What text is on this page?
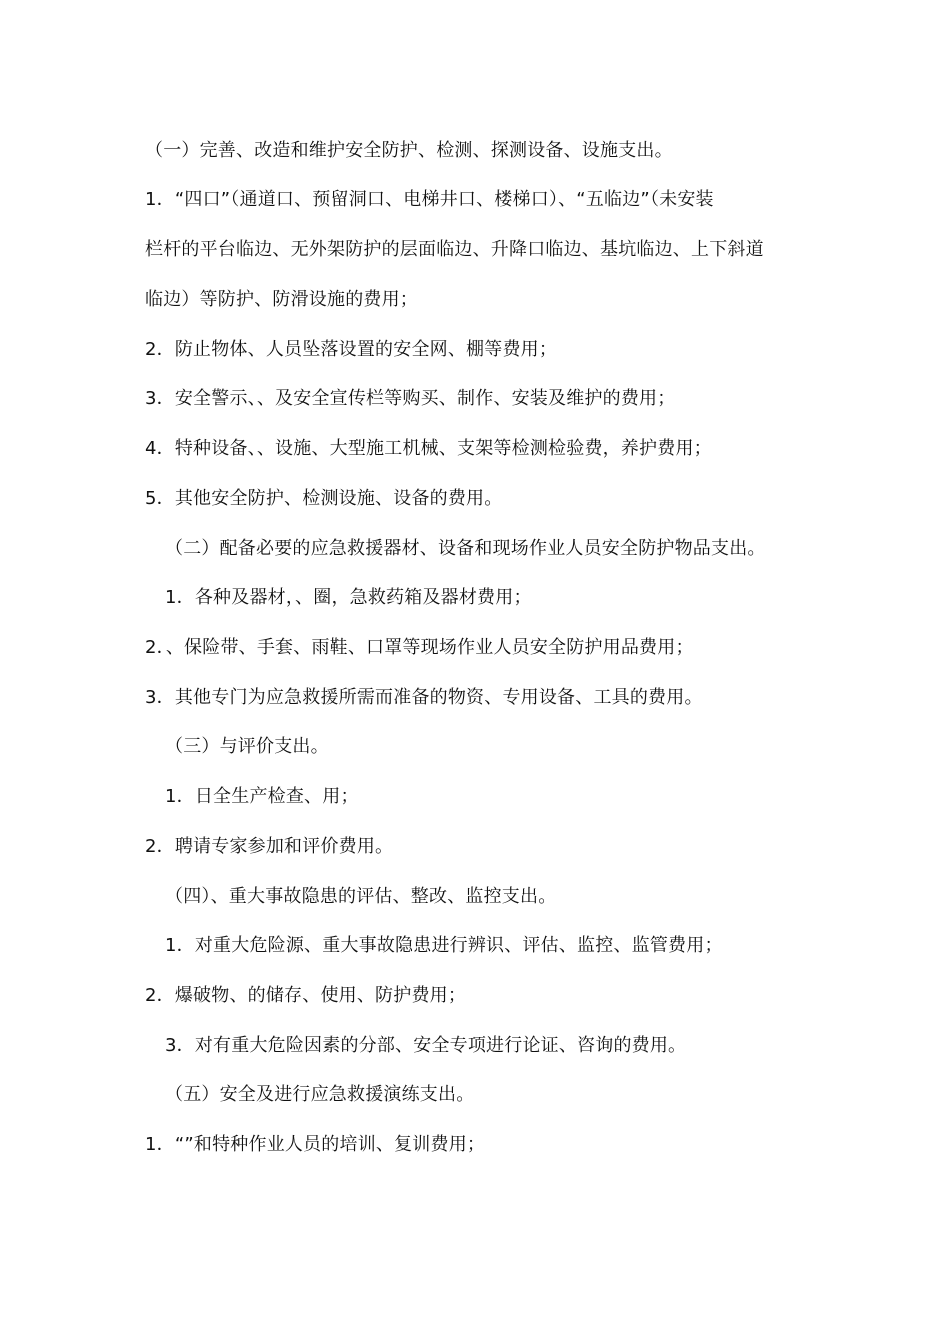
（一）完善、改造和维护安全防护、检测、探测设备、设施支出。
1．“四口”（通道口、预留洞口、电梯井口、楼梯口）、“五临边”（未安装
栏杆的平台临边、无外架防护的层面临边、升降口临边、基坑临边、上下斜道
临边）等防护、防滑设施的费用；
2．防止物体、人员坠落设置的安全网、棚等费用；
3．安全警示、、及安全宣传栏等购买、制作、安装及维护的费用；
4．特种设备、、设施、大型施工机械、支架等检测检验费，养护费用；
5．其他安全防护、检测设施、设备的费用。
（二）配备必要的应急救援器材、设备和现场作业人员安全防护物品支出。
1．各种及器材，、圈，急救药箱及器材费用；
2．、保险带、手套、雨鞋、口罩等现场作业人员安全防护用品费用；
3．其他专门为应急救援所需而准备的物资、专用设备、工具的费用。
（三）与评价支出。
1．日全生产检查、用；
2．聘请专家参加和评价费用。
（四）、重大事故隐患的评估、整改、监控支出。
1．对重大危险源、重大事故隐患进行辨识、评估、监控、监管费用；
2．爆破物、的储存、使用、防护费用；
3．对有重大危险因素的分部、安全专项进行论证、咨询的费用。
（五）安全及进行应急救援演练支出。
1．“”和特种作业人员的培训、复训费用；
